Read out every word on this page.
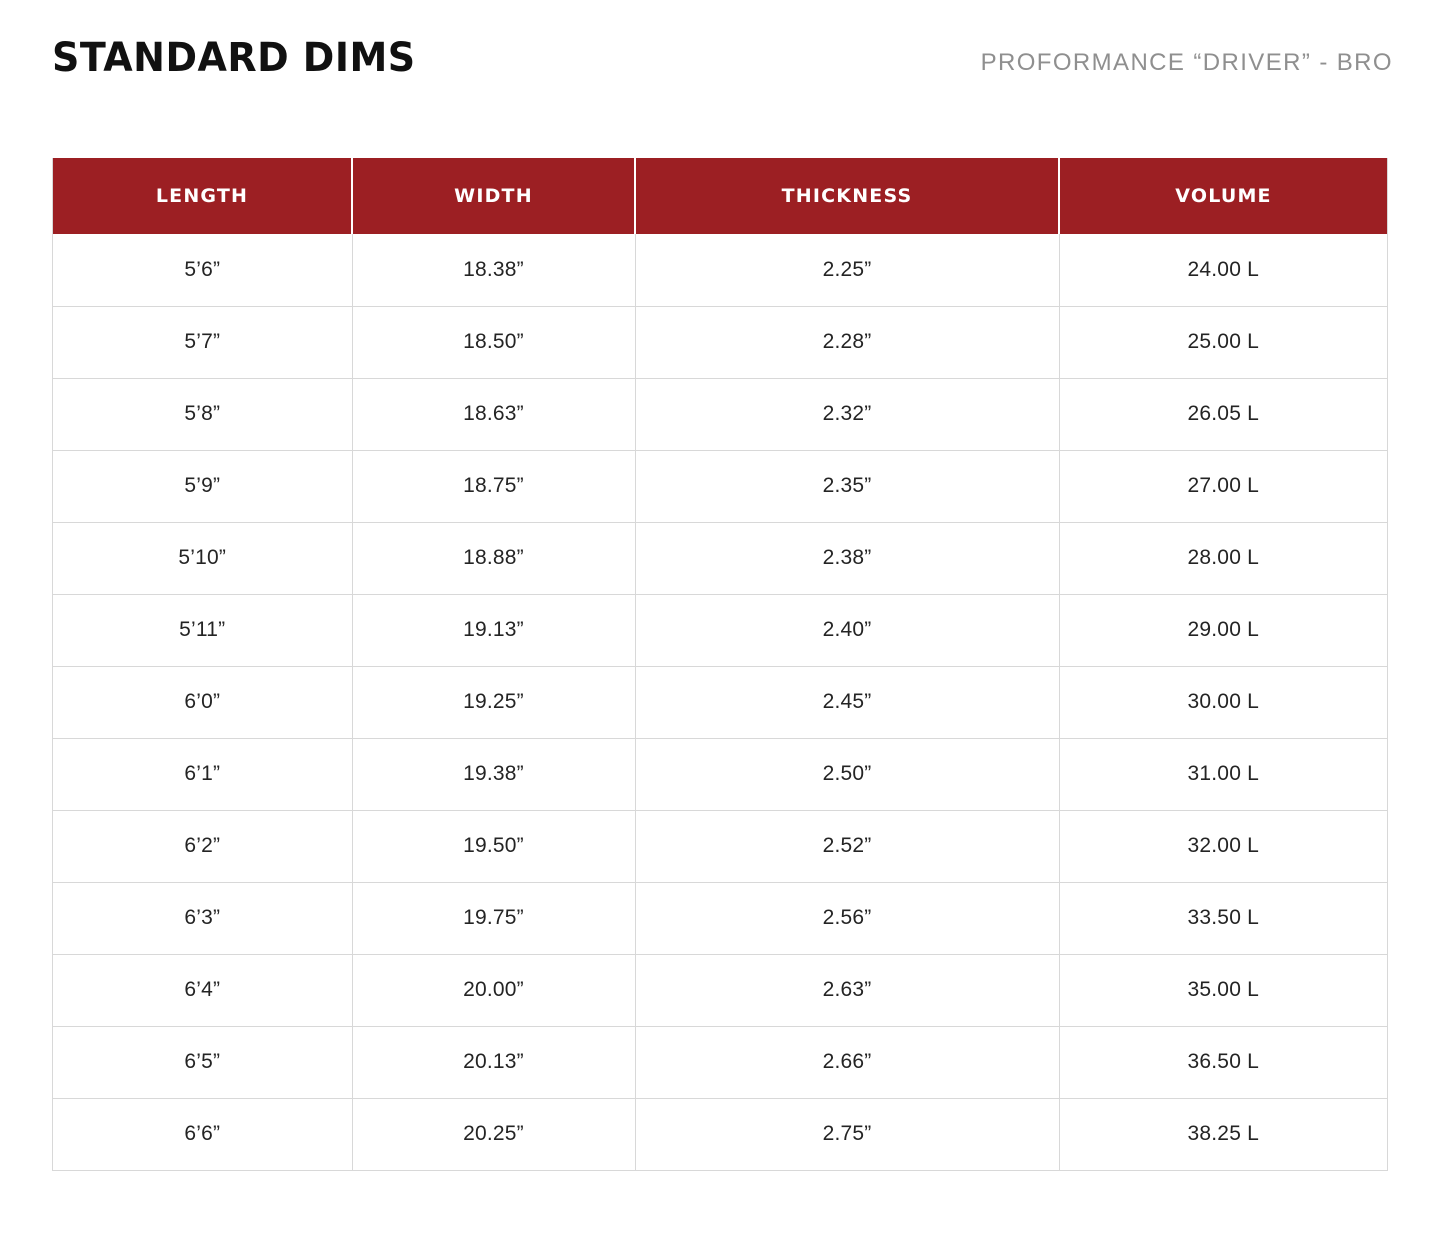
STANDARD DIMS	PROFORMANCE “DRIVER” - BRO
LENGTH	WIDTH	THICKNESS	VOLUME
5’6”	18.38”	2.25”	24.00 L
5’7”	18.50”	2.28”	25.00 L
5’8”	18.63”	2.32”	26.05 L
5’9”	18.75”	2.35”	27.00 L
5’10”	18.88”	2.38”	28.00 L
5’11”	19.13”	2.40”	29.00 L
6’0”	19.25”	2.45”	30.00 L
6’1”	19.38”	2.50”	31.00 L
6’2”	19.50”	2.52”	32.00 L
6’3”	19.75”	2.56”	33.50 L
6’4”	20.00”	2.63”	35.00 L
6’5”	20.13”	2.66”	36.50 L
6’6”	20.25”	2.75”	38.25 L
